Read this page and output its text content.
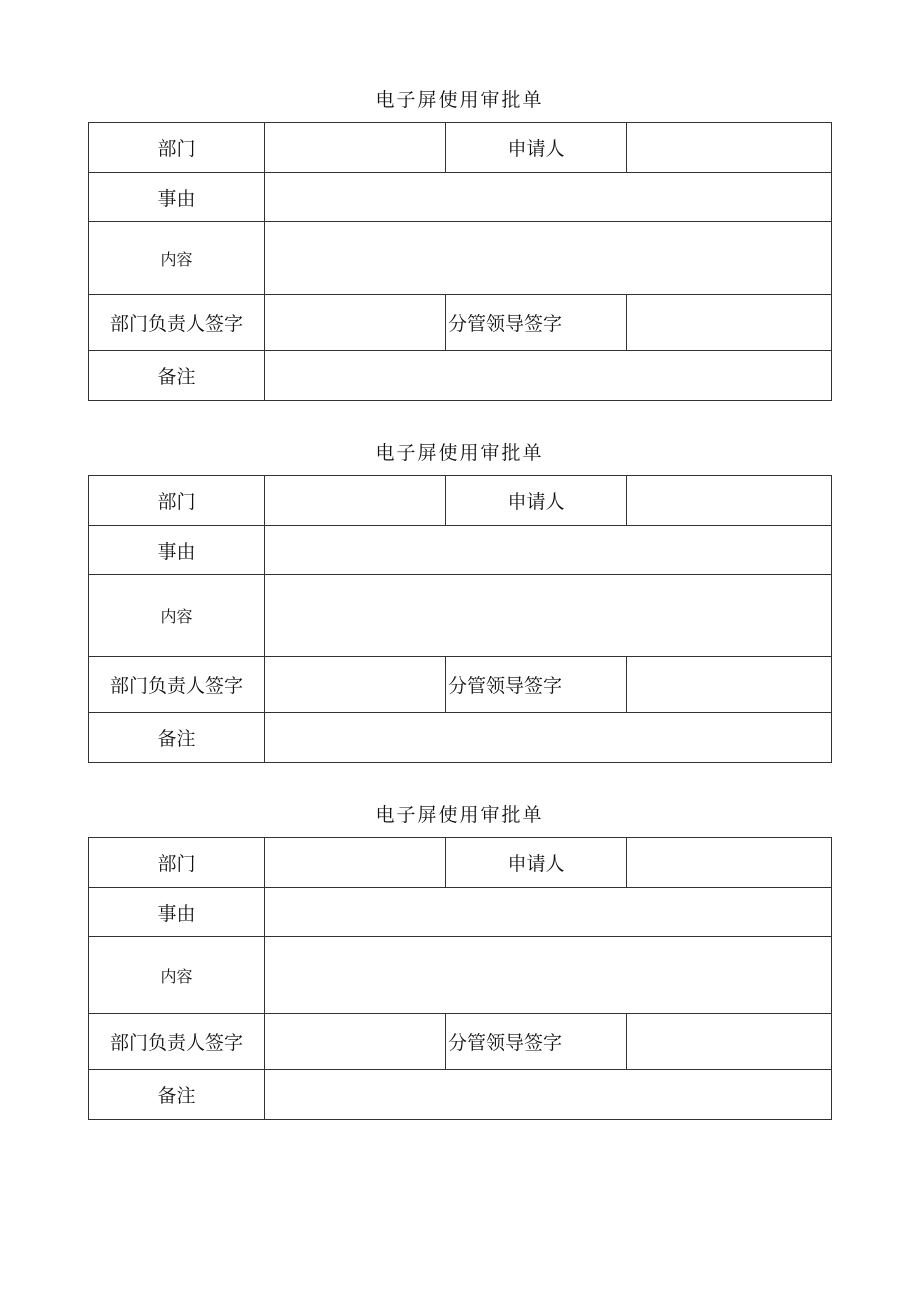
电子屏使用审批单
部门		申请人	
事由			
内容			
部门负责人签字		分管领导签字	
备注			
电子屏使用审批单
部门		申请人	
事由			
内容			
部门负责人签字		分管领导签字	
备注			
电子屏使用审批单
部门		申请人	
事由			
内容			
部门负责人签字		分管领导签字	
备注			
